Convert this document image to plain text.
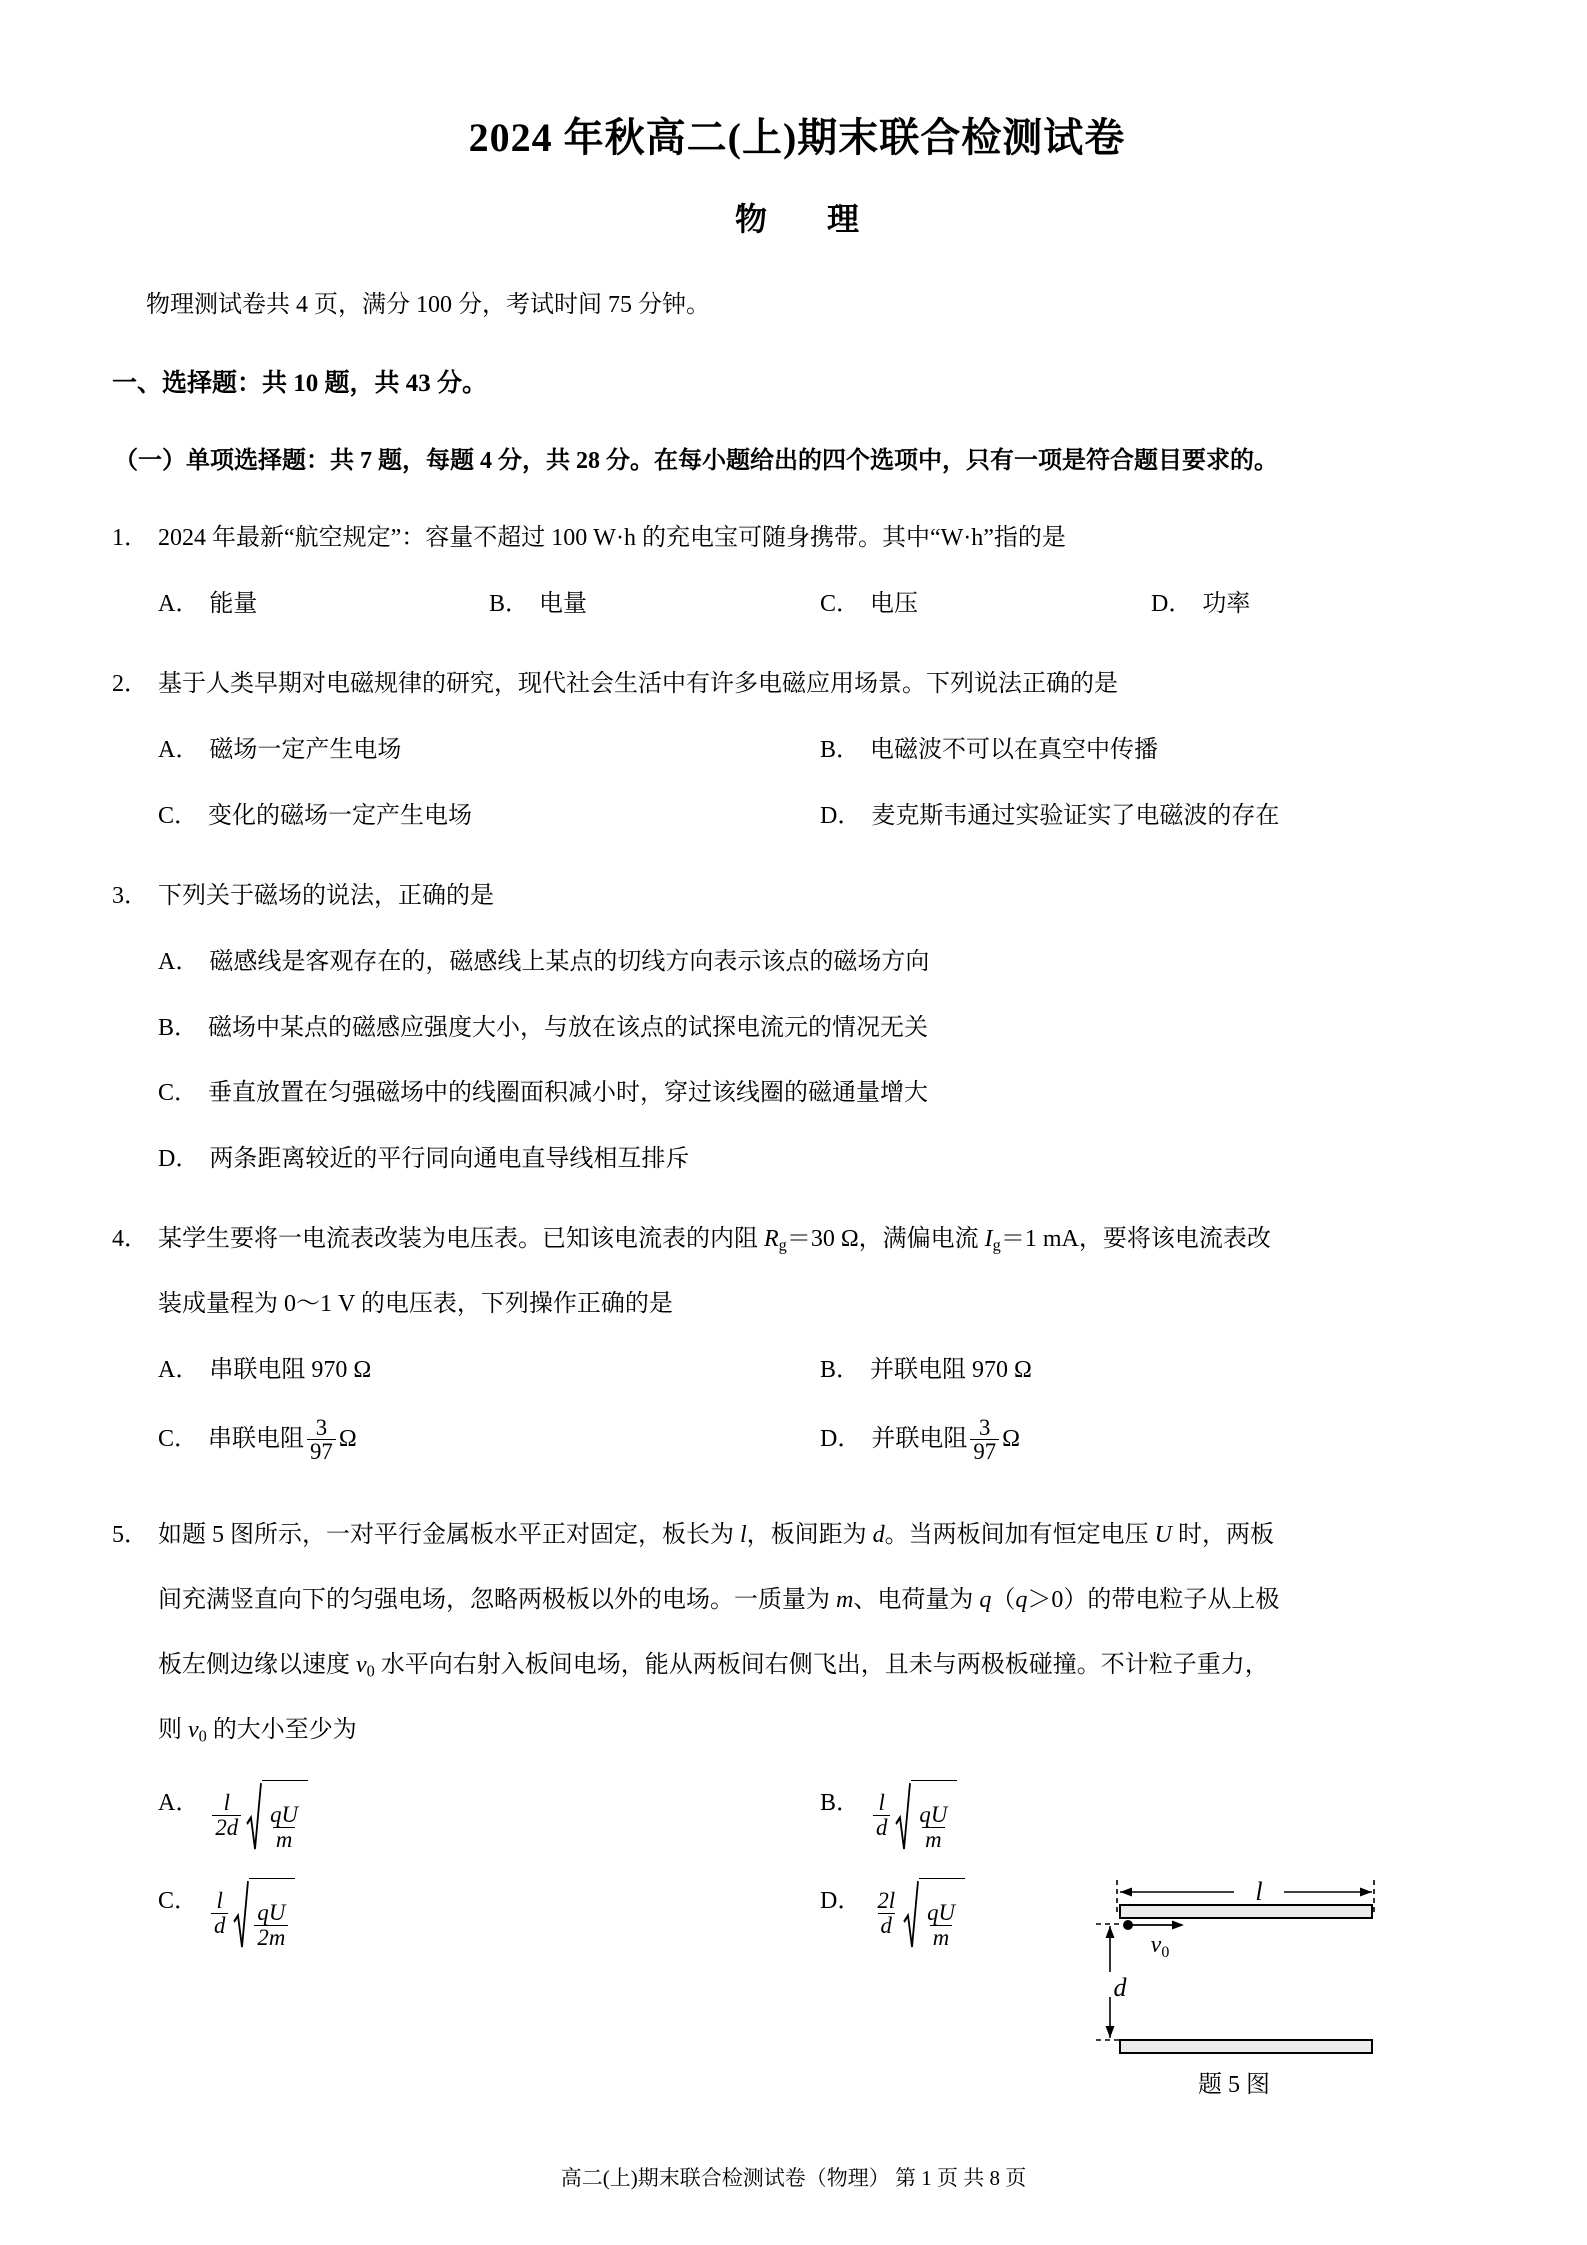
2024 年秋高二(上)期末联合检测试卷
物　理
物理测试卷共 4 页，满分 100 分，考试时间 75 分钟。
一、选择题：共 10 题，共 43 分。
（一）单项选择题：共 7 题，每题 4 分，共 28 分。在每小题给出的四个选项中，只有一项是符合题目要求的。
1． 2024 年最新“航空规定”：容量不超过 100 W·h 的充电宝可随身携带。其中“W·h”指的是
A． 能量	B． 电量	C． 电压	D． 功率
2． 基于人类早期对电磁规律的研究，现代社会生活中有许多电磁应用场景。下列说法正确的是
A． 磁场一定产生电场	B． 电磁波不可以在真空中传播
C． 变化的磁场一定产生电场	D． 麦克斯韦通过实验证实了电磁波的存在
3． 下列关于磁场的说法，正确的是
A． 磁感线是客观存在的，磁感线上某点的切线方向表示该点的磁场方向
B． 磁场中某点的磁感应强度大小，与放在该点的试探电流元的情况无关
C． 垂直放置在匀强磁场中的线圈面积减小时，穿过该线圈的磁通量增大
D． 两条距离较近的平行同向通电直导线相互排斥
4． 某学生要将一电流表改装为电压表。已知该电流表的内阻 $R_g=30$ Ω，满偏电流 $I_g=1$ mA，要将该电流表改
装成量程为 0～1 V 的电压表，下列操作正确的是
A． 串联电阻 970 Ω	B． 并联电阻 970 Ω
C． 串联电阻 $\frac{3}{97}$ Ω	D． 并联电阻 $\frac{3}{97}$ Ω
5． 如题 5 图所示，一对平行金属板水平正对固定，板长为 l，板间距为 d。当两板间加有恒定电压 U 时，两板
间充满竖直向下的匀强电场，忽略两极板以外的电场。一质量为 m、电荷量为 q（q＞0）的带电粒子从上极
板左侧边缘以速度 $v_0$ 水平向右射入板间电场，能从两板间右侧飞出，且未与两极板碰撞。不计粒子重力，
则 $v_0$ 的大小至少为
A． $\frac{l}{2d} \frac{qU}{m}$	B． $\frac{l}{d} \frac{qU}{m}$
C． $\frac{l}{d} \frac{qU}{2m}$	D． $\frac{2l}{d} \frac{qU}{m}$
l
d
$v_0$
题 5 图
高二(上)期末联合检测试卷（物理） 第 1 页 共 8 页
